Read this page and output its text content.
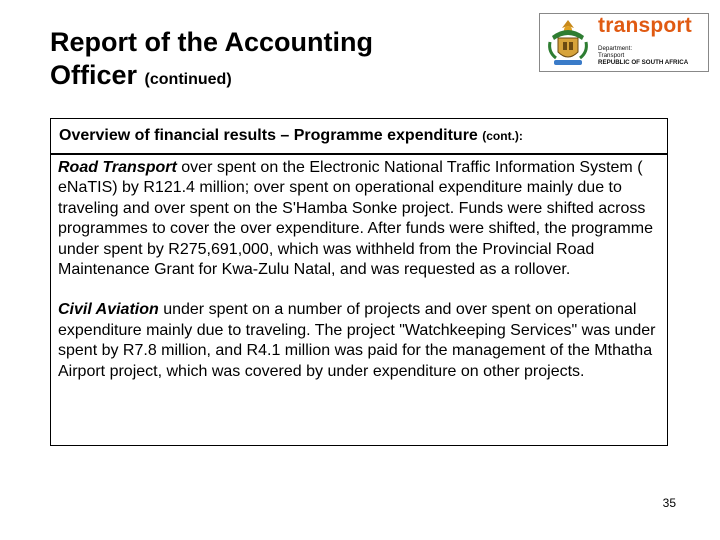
Report of the Accounting
Officer (continued)
transport
Department:
Transport
REPUBLIC OF SOUTH AFRICA
Overview of financial results – Programme expenditure (cont.):

Road Transport over spent on the Electronic National Traffic Information System ( eNaTIS) by R121.4 million; over spent on operational expenditure mainly due to traveling and over spent on the S'Hamba Sonke project. Funds were shifted across programmes to cover the over expenditure. After funds were shifted, the programme under spent by R275,691,000, which was withheld from the Provincial Road Maintenance Grant for Kwa-Zulu Natal, and was requested as a rollover.

Civil Aviation under spent on a number of projects and over spent on operational expenditure mainly due to traveling. The project "Watchkeeping Services" was under spent by R7.8 million, and R4.1 million was paid for the management of the Mthatha Airport project, which was covered by under expenditure on other projects.

35
